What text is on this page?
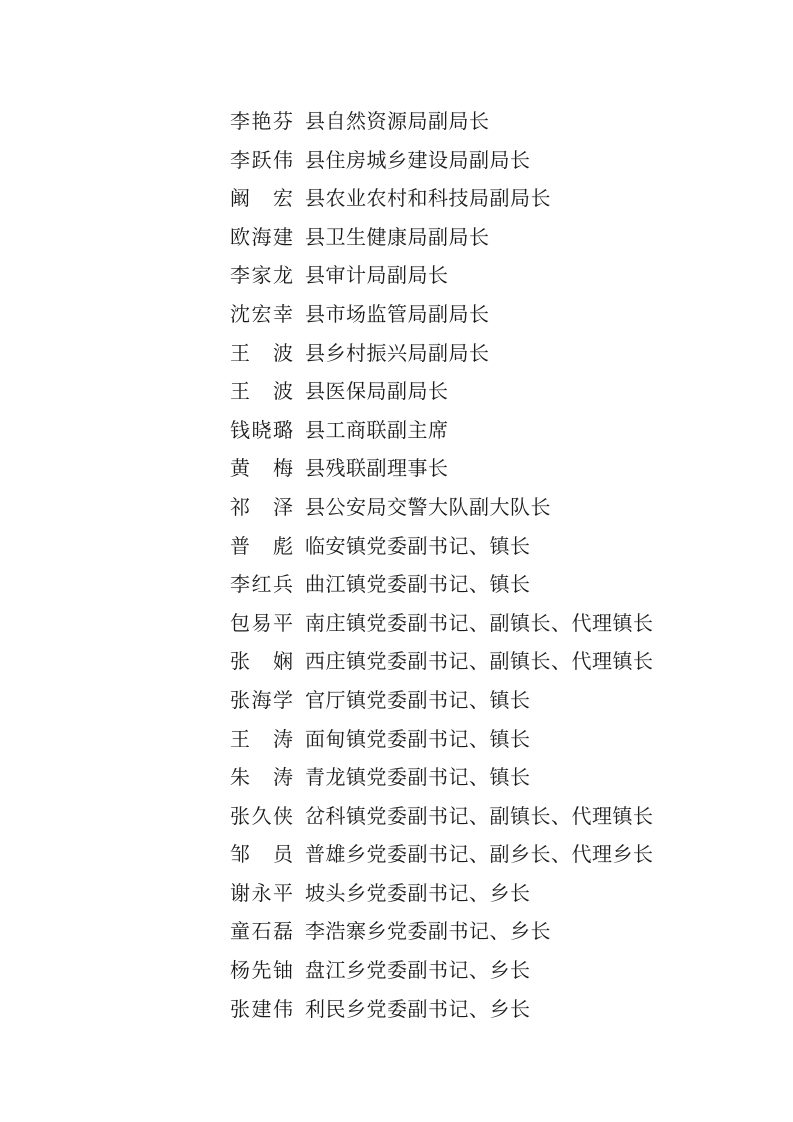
李艳芬 县自然资源局副局长
李跃伟 县住房城乡建设局副局长
阚　宏 县农业农村和科技局副局长
欧海建 县卫生健康局副局长
李家龙 县审计局副局长
沈宏幸 县市场监管局副局长
王　波 县乡村振兴局副局长
王　波 县医保局副局长
钱晓璐 县工商联副主席
黄　梅 县残联副理事长
祁　泽 县公安局交警大队副大队长
普　彪 临安镇党委副书记、镇长
李红兵 曲江镇党委副书记、镇长
包易平 南庄镇党委副书记、副镇长、代理镇长
张　娴 西庄镇党委副书记、副镇长、代理镇长
张海学 官厅镇党委副书记、镇长
王　涛 面甸镇党委副书记、镇长
朱　涛 青龙镇党委副书记、镇长
张久侠 岔科镇党委副书记、副镇长、代理镇长
邹　员 普雄乡党委副书记、副乡长、代理乡长
谢永平 坡头乡党委副书记、乡长
童石磊 李浩寨乡党委副书记、乡长
杨先铀 盘江乡党委副书记、乡长
张建伟 利民乡党委副书记、乡长
